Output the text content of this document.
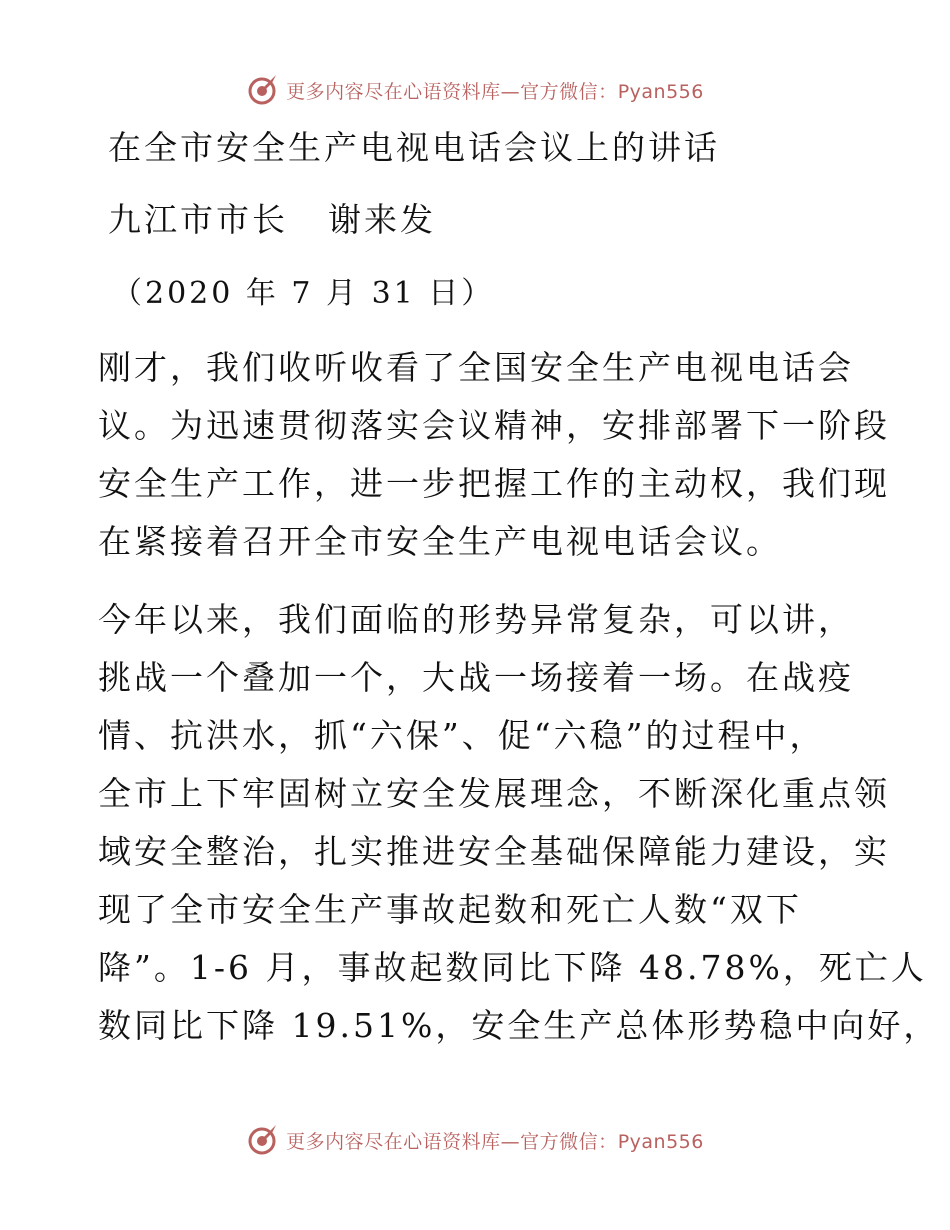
更多内容尽在心语资料库—官方微信：Pyan556
在全市安全生产电视电话会议上的讲话
九江市市长 谢来发
（2020 年 7 月 31 日）
刚才，我们收听收看了全国安全生产电视电话会
议。为迅速贯彻落实会议精神，安排部署下一阶段
安全生产工作，进一步把握工作的主动权，我们现
在紧接着召开全市安全生产电视电话会议。
今年以来，我们面临的形势异常复杂，可以讲，
挑战一个叠加一个，大战一场接着一场。在战疫
情、抗洪水，抓“六保”、促“六稳”的过程中，
全市上下牢固树立安全发展理念，不断深化重点领
域安全整治，扎实推进安全基础保障能力建设，实
现了全市安全生产事故起数和死亡人数“双下
降”。1-6 月，事故起数同比下降 48.78%，死亡人
数同比下降 19.51%，安全生产总体形势稳中向好，
更多内容尽在心语资料库—官方微信：Pyan556
